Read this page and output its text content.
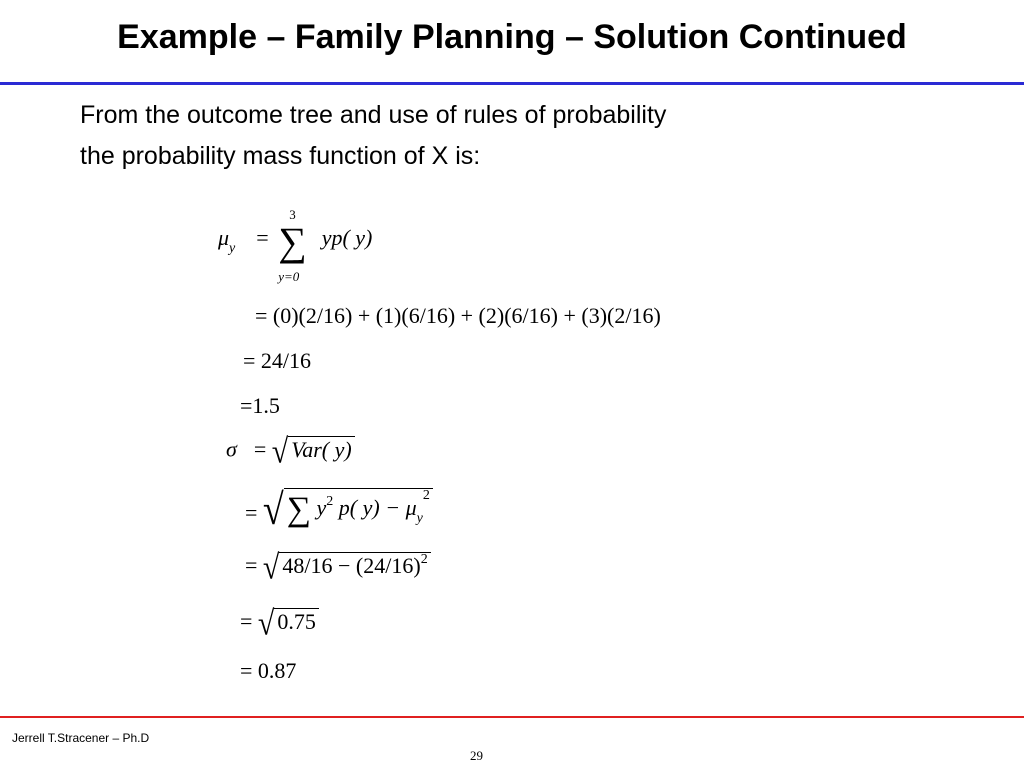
Example – Family Planning – Solution Continued
From the outcome tree and use of rules of probability
the probability mass function of X is:
$\mu_y$ =
3
∑
y=0
yp( y)
= (0)(2/16) + (1)(6/16) + (2)(6/16) + (3)(2/16)
= 24/16
=1.5
σ = √ Var( y)
= √∑ $y^2$ p( $y) - \mu_y^2$
= √ $48/16 - (24/16)^2$
= √ 0.75
= 0.87
Jerrell T.Stracener – Ph.D
29
